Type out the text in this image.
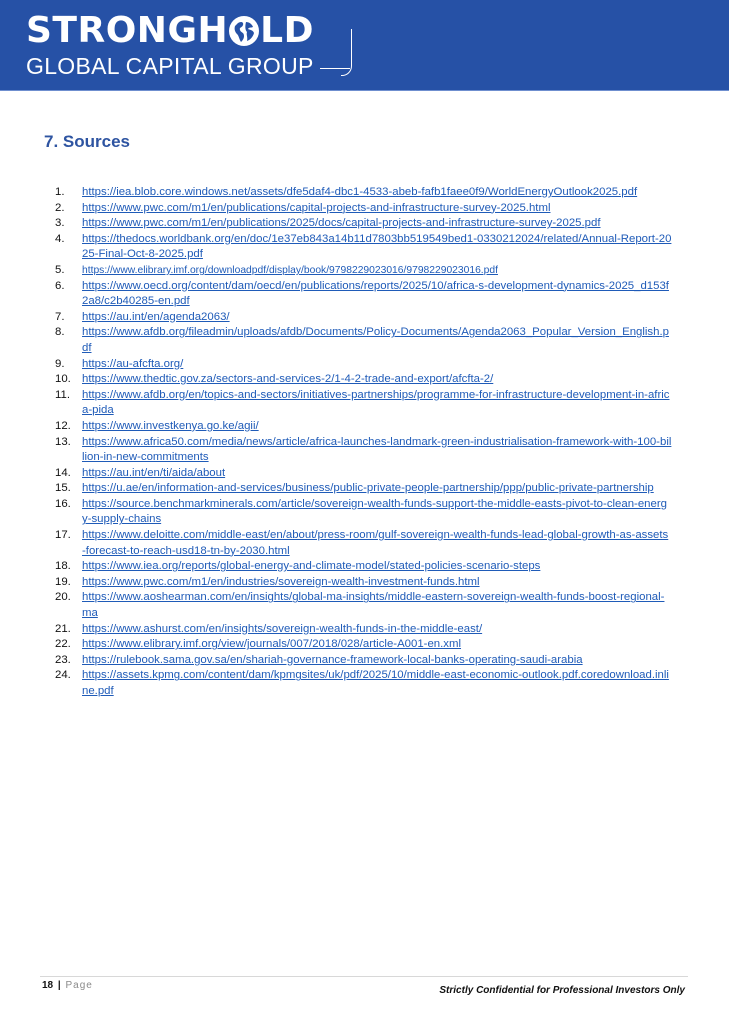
STRONGH LD
GLOBAL CAPITAL GROUP
7. Sources
1.	https://iea.blob.core.windows.net/assets/dfe5daf4-dbc1-4533-abeb-fafb1faee0f9/WorldEnergyOutlook2025.pdf
2.	https://www.pwc.com/m1/en/publications/capital-projects-and-infrastructure-survey-2025.html
3.	https://www.pwc.com/m1/en/publications/2025/docs/capital-projects-and-infrastructure-survey-2025.pdf
4.	https://thedocs.worldbank.org/en/doc/1e37eb843a14b11d7803bb519549bed1-0330212024/related/Annual-Report-2025-Final-Oct-8-2025.pdf
5.	https://www.elibrary.imf.org/downloadpdf/display/book/9798229023016/9798229023016.pdf
6.	https://www.oecd.org/content/dam/oecd/en/publications/reports/2025/10/africa-s-development-dynamics-2025_d153f2a8/c2b40285-en.pdf
7.	https://au.int/en/agenda2063/
8.	https://www.afdb.org/fileadmin/uploads/afdb/Documents/Policy-Documents/Agenda2063_Popular_Version_English.pdf
9.	https://au-afcfta.org/
10. https://www.thedtic.gov.za/sectors-and-services-2/1-4-2-trade-and-export/afcfta-2/
11.	https://www.afdb.org/en/topics-and-sectors/initiatives-partnerships/programme-for-infrastructure-development-in-africa-pida
12. https://www.investkenya.go.ke/agii/
13. https://www.africa50.com/media/news/article/africa-launches-landmark-green-industrialisation-framework-with-100-billion-in-new-commitments
14. https://au.int/en/ti/aida/about
15. https://u.ae/en/information-and-services/business/public-private-people-partnership/ppp/public-private-partnership
16. https://source.benchmarkminerals.com/article/sovereign-wealth-funds-support-the-middle-easts-pivot-to-clean-energy-supply-chains
17. https://www.deloitte.com/middle-east/en/about/press-room/gulf-sovereign-wealth-funds-lead-global-growth-as-assets-forecast-to-reach-usd18-tn-by-2030.html
18. https://www.iea.org/reports/global-energy-and-climate-model/stated-policies-scenario-steps
19. https://www.pwc.com/m1/en/industries/sovereign-wealth-investment-funds.html
20. https://www.aoshearman.com/en/insights/global-ma-insights/middle-eastern-sovereign-wealth-funds-boost-regional-ma
21. https://www.ashurst.com/en/insights/sovereign-wealth-funds-in-the-middle-east/
22. https://www.elibrary.imf.org/view/journals/007/2018/028/article-A001-en.xml
23. https://rulebook.sama.gov.sa/en/shariah-governance-framework-local-banks-operating-saudi-arabia
24. https://assets.kpmg.com/content/dam/kpmgsites/uk/pdf/2025/10/middle-east-economic-outlook.pdf.coredownload.inline.pdf
18 | Page	Strictly Confidential for Professional Investors Only
